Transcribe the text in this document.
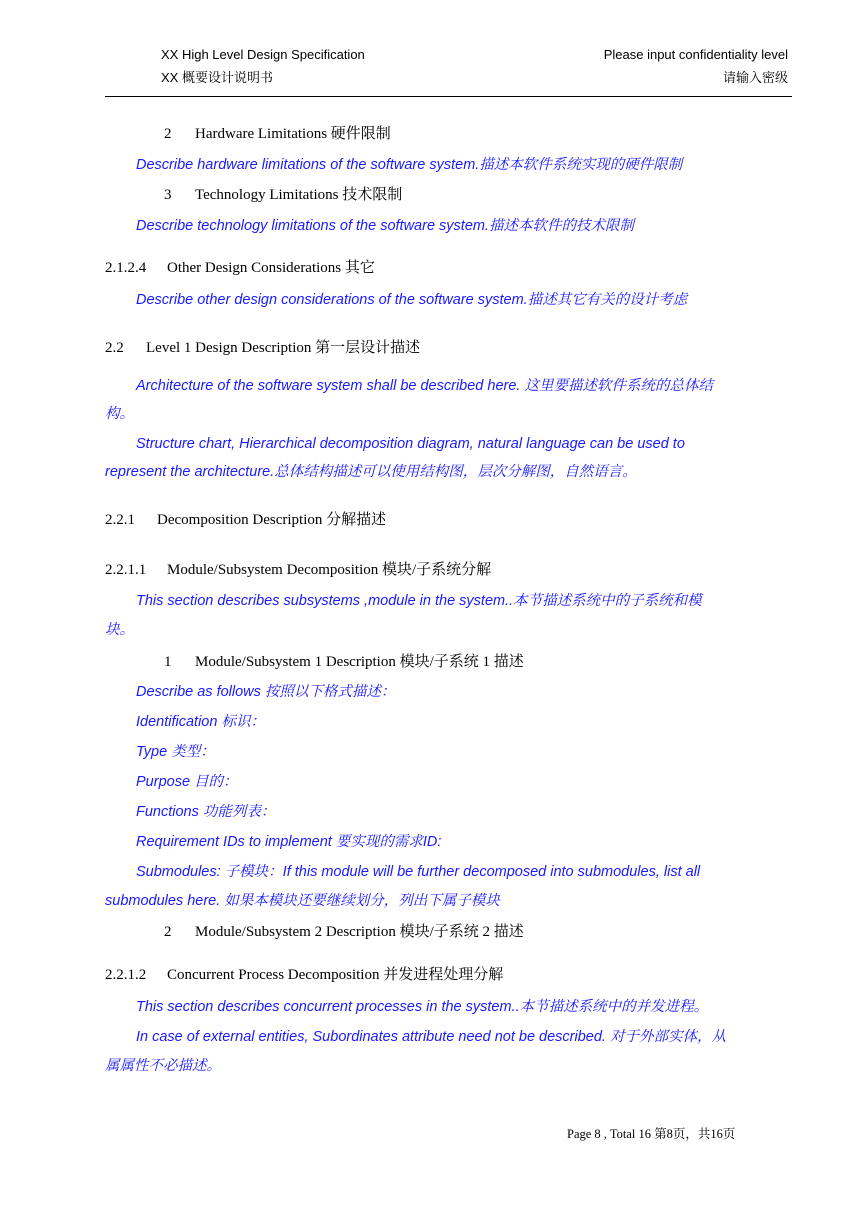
XX High Level Design Specification
XX 概要设计说明书
Please input confidentiality level
请输入密级
2 Hardware Limitations 硬件限制
Describe hardware limitations of the software system.描述本软件系统实现的硬件限制
3 Technology Limitations 技术限制
Describe technology limitations of the software system.描述本软件的技术限制
2.1.2.4 Other Design Considerations 其它
Describe other design considerations of the software system.描述其它有关的设计考虑
2.2 Level 1 Design Description 第一层设计描述
Architecture of the software system shall be described here. 这里要描述软件系统的总体结
构。
Structure chart, Hierarchical decomposition diagram, natural language can be used to
represent the architecture.总体结构描述可以使用结构图，层次分解图，自然语言。
2.2.1 Decomposition Description 分解描述
2.2.1.1 Module/Subsystem Decomposition 模块/子系统分解
This section describes subsystems ,module in the system..本节描述系统中的子系统和模
块。
1 Module/Subsystem 1 Description 模块/子系统 1 描述
Describe as follows 按照以下格式描述：
Identification 标识：
Type 类型：
Purpose 目的：
Functions 功能列表：
Requirement IDs to implement 要实现的需求ID:
Submodules: 子模块：If this module will be further decomposed into submodules, list all
submodules here. 如果本模块还要继续划分，列出下属子模块
2 Module/Subsystem 2 Description 模块/子系统 2 描述
2.2.1.2 Concurrent Process Decomposition 并发进程处理分解
This section describes concurrent processes in the system..本节描述系统中的并发进程。
In case of external entities, Subordinates attribute need not be described. 对于外部实体，从
属属性不必描述。
Page 8 , Total 16 第8页，共16页
